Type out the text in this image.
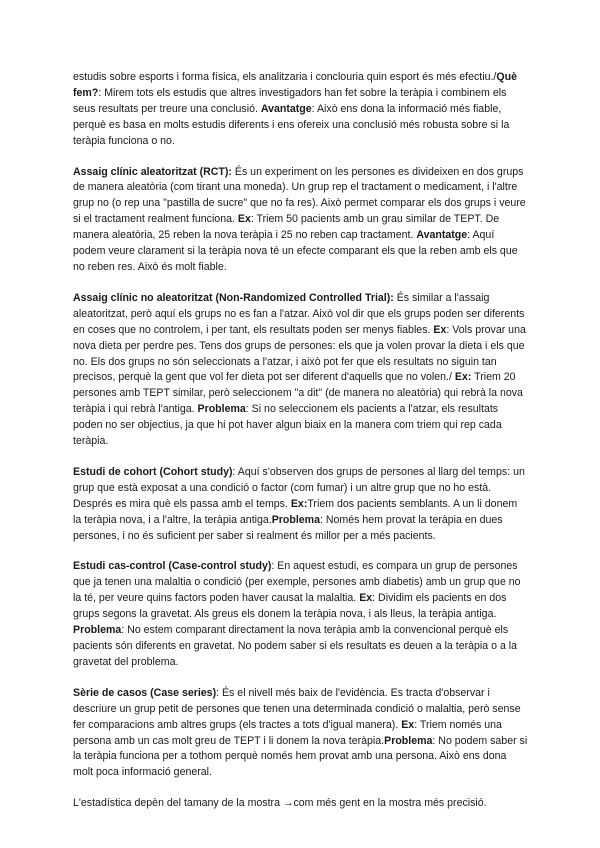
estudis sobre esports i forma física, els analitzaria i conclouria quin esport és més efectiu./Què fem?: Mirem tots els estudis que altres investigadors han fet sobre la teràpia i combinem els seus resultats per treure una conclusió. Avantatge: Això ens dona la informació més fiable, perquè es basa en molts estudis diferents i ens ofereix una conclusió més robusta sobre si la teràpia funciona o no.

Assaig clínic aleatoritzat (RCT): És un experiment on les persones es divideixen en dos grups de manera aleatòria (com tirant una moneda). Un grup rep el tractament o medicament, i l'altre grup no (o rep una "pastilla de sucre" que no fa res). Això permet comparar els dos grups i veure si el tractament realment funciona. Ex: Triem 50 pacients amb un grau similar de TEPT. De manera aleatòria, 25 reben la nova teràpia i 25 no reben cap tractament. Avantatge: Aquí podem veure clarament si la teràpia nova té un efecte comparant els que la reben amb els que no reben res. Això és molt fiable.

Assaig clínic no aleatoritzat (Non-Randomized Controlled Trial): És similar a l'assaig aleatoritzat, però aquí els grups no es fan a l'atzar. Això vol dir que els grups poden ser diferents en coses que no controlem, i per tant, els resultats poden ser menys fiables. Ex: Vols provar una nova dieta per perdre pes. Tens dos grups de persones: els que ja volen provar la dieta i els que no. Els dos grups no són seleccionats a l'atzar, i això pot fer que els resultats no siguin tan precisos, perquè la gent que vol fer dieta pot ser diferent d'aquells que no volen./ Ex: Triem 20 persones amb TEPT similar, però seleccionem "a dit" (de manera no aleatòria) qui rebrà la nova teràpia i qui rebrà l'antiga. Problema: Si no seleccionem els pacients a l'atzar, els resultats poden no ser objectius, ja que hi pot haver algun biaix en la manera com triem qui rep cada teràpia.

Estudi de cohort (Cohort study): Aquí s'observen dos grups de persones al llarg del temps: un grup que està exposat a una condició o factor (com fumar) i un altre grup que no ho està. Després es mira què els passa amb el temps. Ex:Triem dos pacients semblants. A un li donem la teràpia nova, i a l'altre, la teràpia antiga.Problema: Només hem provat la teràpia en dues persones, i no és suficient per saber si realment és millor per a més pacients.

Estudi cas-control (Case-control study): En aquest estudi, es compara un grup de persones que ja tenen una malaltia o condició (per exemple, persones amb diabetis) amb un grup que no la té, per veure quins factors poden haver causat la malaltia. Ex: Dividim els pacients en dos grups segons la gravetat. Als greus els donem la teràpia nova, i als lleus, la teràpia antiga. Problema: No estem comparant directament la nova teràpia amb la convencional perquè els pacients són diferents en gravetat. No podem saber si els resultats es deuen a la teràpia o a la gravetat del problema.

Sèrie de casos (Case series): És el nivell més baix de l'evidència. Es tracta d'observar i descriure un grup petit de persones que tenen una determinada condició o malaltia, però sense fer comparacions amb altres grups (els tractes a tots d'igual manera). Ex: Triem només una persona amb un cas molt greu de TEPT i li donem la nova teràpia.Problema: No podem saber si la teràpia funciona per a tothom perquè només hem provat amb una persona. Això ens dona molt poca informació general.

L'estadística depèn del tamany de la mostra →com més gent en la mostra més precisió.
